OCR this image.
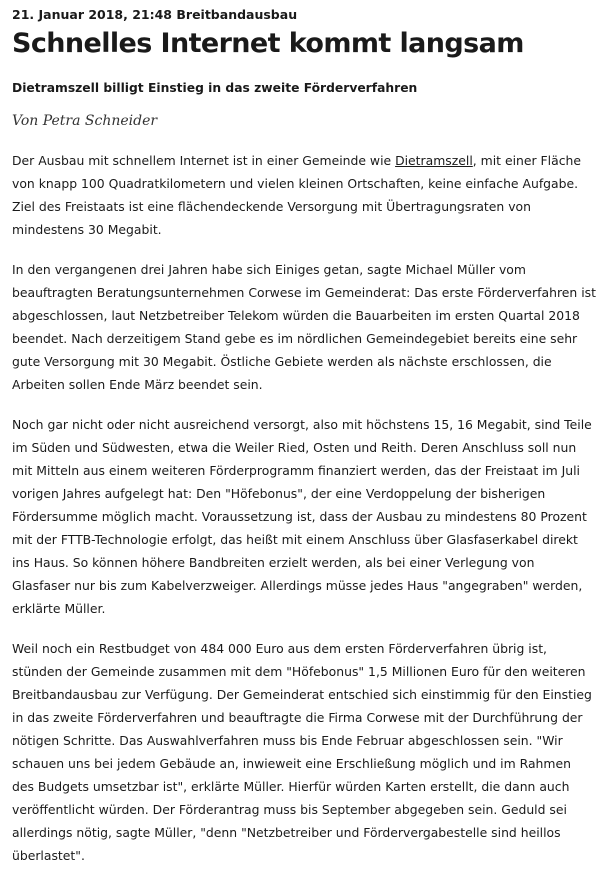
21. Januar 2018, 21:48 Breitbandausbau
Schnelles Internet kommt langsam
Dietramszell billigt Einstieg in das zweite Förderverfahren
Von Petra Schneider

Der Ausbau mit schnellem Internet ist in einer Gemeinde wie Dietramszell, mit einer Fläche von knapp 100 Quadratkilometern und vielen kleinen Ortschaften, keine einfache Aufgabe. Ziel des Freistaats ist eine flächendeckende Versorgung mit Übertragungsraten von mindestens 30 Megabit.

In den vergangenen drei Jahren habe sich Einiges getan, sagte Michael Müller vom beauftragten Beratungsunternehmen Corwese im Gemeinderat: Das erste Förderverfahren ist abgeschlossen, laut Netzbetreiber Telekom würden die Bauarbeiten im ersten Quartal 2018 beendet. Nach derzeitigem Stand gebe es im nördlichen Gemeindegebiet bereits eine sehr gute Versorgung mit 30 Megabit. Östliche Gebiete werden als nächste erschlossen, die Arbeiten sollen Ende März beendet sein.

Noch gar nicht oder nicht ausreichend versorgt, also mit höchstens 15, 16 Megabit, sind Teile im Süden und Südwesten, etwa die Weiler Ried, Osten und Reith. Deren Anschluss soll nun mit Mitteln aus einem weiteren Förderprogramm finanziert werden, das der Freistaat im Juli vorigen Jahres aufgelegt hat: Den "Höfebonus", der eine Verdoppelung der bisherigen Fördersumme möglich macht. Voraussetzung ist, dass der Ausbau zu mindestens 80 Prozent mit der FTTB-Technologie erfolgt, das heißt mit einem Anschluss über Glasfaserkabel direkt ins Haus. So können höhere Bandbreiten erzielt werden, als bei einer Verlegung von Glasfaser nur bis zum Kabelverzweiger. Allerdings müsse jedes Haus "angegraben" werden, erklärte Müller.

Weil noch ein Restbudget von 484 000 Euro aus dem ersten Förderverfahren übrig ist, stünden der Gemeinde zusammen mit dem "Höfebonus" 1,5 Millionen Euro für den weiteren Breitbandausbau zur Verfügung. Der Gemeinderat entschied sich einstimmig für den Einstieg in das zweite Förderverfahren und beauftragte die Firma Corwese mit der Durchführung der nötigen Schritte. Das Auswahlverfahren muss bis Ende Februar abgeschlossen sein. "Wir schauen uns bei jedem Gebäude an, inwieweit eine Erschließung möglich und im Rahmen des Budgets umsetzbar ist", erklärte Müller. Hierfür würden Karten erstellt, die dann auch veröffentlicht würden. Der Förderantrag muss bis September abgegeben sein. Geduld sei allerdings nötig, sagte Müller, "denn "Netzbetreiber und Fördervergabestelle sind heillos überlastet".
